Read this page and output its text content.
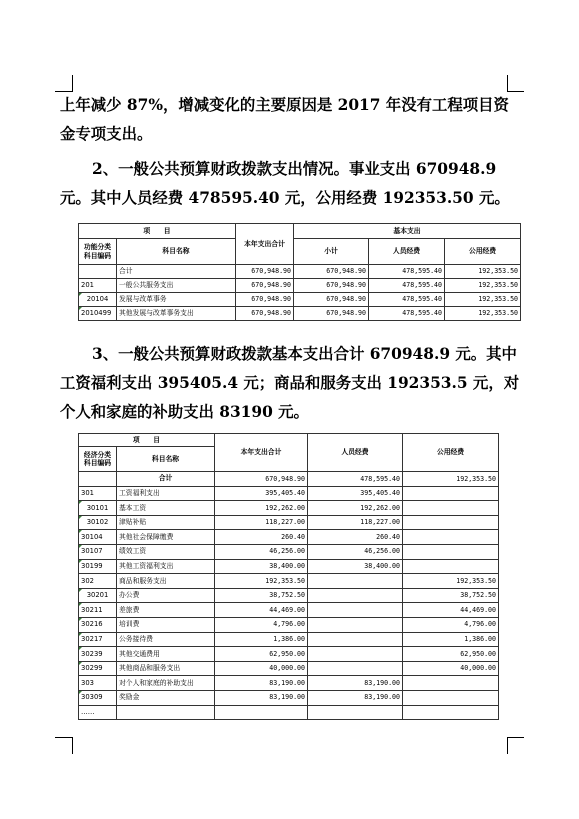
上年减少 87%，增减变化的主要原因是 2017 年没有工程项目资
金专项支出。

2、一般公共预算财政拨款支出情况。事业支出 670948.9
元。其中人员经费 478595.40 元，公用经费 192353.50 元。

项　　目		本年支出合计	基本支出		
功能分类
科目编码	科目名称		小计	人员经费	公用经费
	合计	670,948.90	670,948.90	478,595.40	192,353.50
201	一般公共服务支出	670,948.90	670,948.90	478,595.40	192,353.50
20104	发展与改革事务	670,948.90	670,948.90	478,595.40	192,353.50
2010499	其他发展与改革事务支出	670,948.90	670,948.90	478,595.40	192,353.50

3、一般公共预算财政拨款基本支出合计 670948.9 元。其中
工资福利支出 395405.4 元；商品和服务支出 192353.5 元，对
个人和家庭的补助支出 83190 元。

项　　目		本年支出合计	人员经费	公用经费
经济分类
科目编码	科目名称			
	合计	670,948.90	478,595.40	192,353.50
301	工资福利支出	395,405.40	395,405.40	
30101	基本工资	192,262.00	192,262.00	
30102	津贴补贴	118,227.00	118,227.00	
30104	其他社会保障缴费	260.40	260.40	
30107	绩效工资	46,256.00	46,256.00	
30199	其他工资福利支出	38,400.00	38,400.00	
302	商品和服务支出	192,353.50		192,353.50
30201	办公费	38,752.50		38,752.50
30211	差旅费	44,469.00		44,469.00
30216	培训费	4,796.00		4,796.00
30217	公务接待费	1,386.00		1,386.00
30239	其他交通费用	62,950.00		62,950.00
30299	其他商品和服务支出	40,000.00		40,000.00
303	对个人和家庭的补助支出	83,190.00	83,190.00	
30309	奖励金	83,190.00	83,190.00	
……				
